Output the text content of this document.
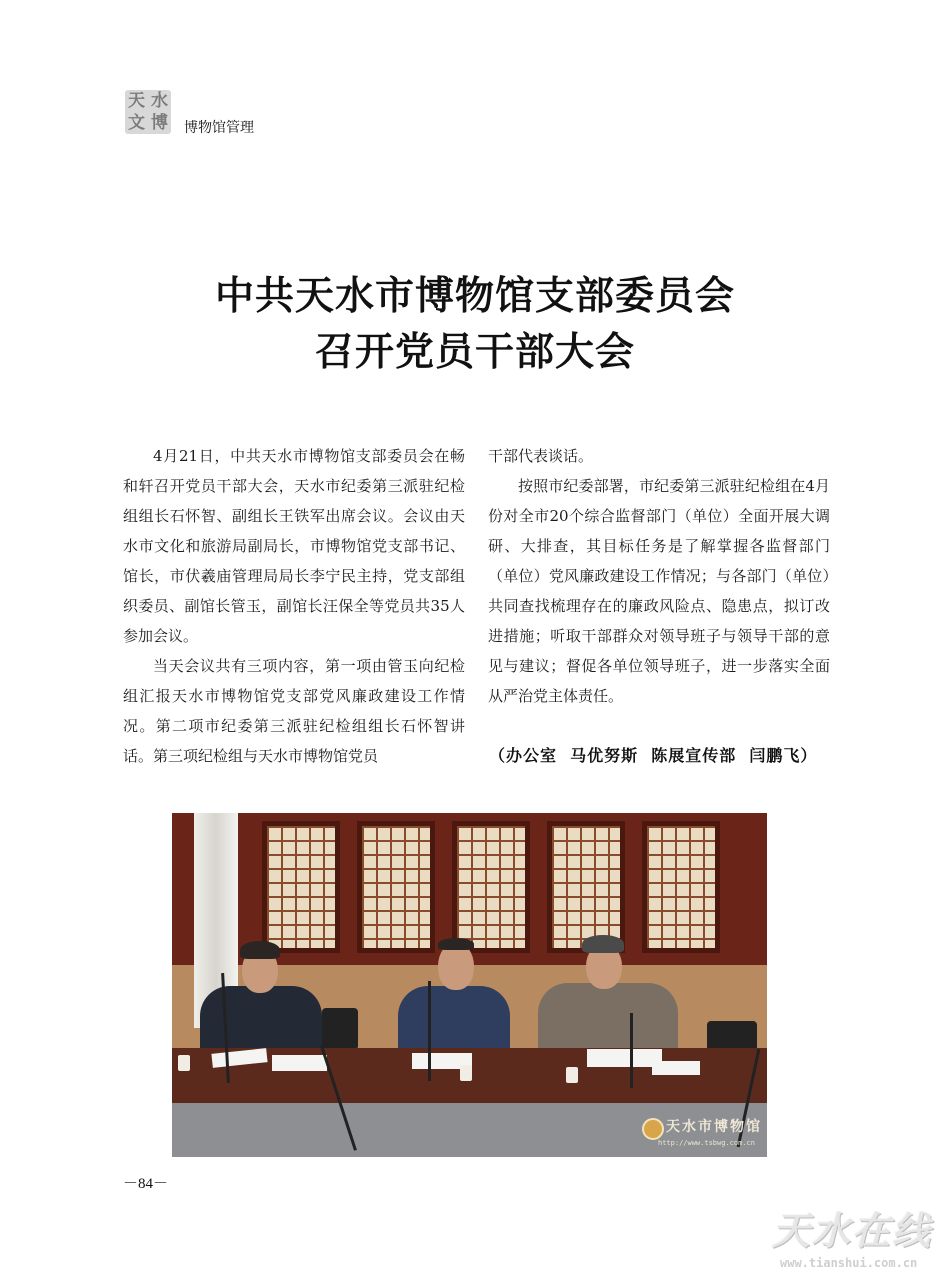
天 水
文 博 博物馆管理
中共天水市博物馆支部委员会
召开党员干部大会

4月21日，中共天水市博物馆支部委员会在畅和轩召开党员干部大会，天水市纪委第三派驻纪检组组长石怀智、副组长王铁军出席会议。会议由天水市文化和旅游局副局长，市博物馆党支部书记、馆长，市伏羲庙管理局局长李宁民主持，党支部组织委员、副馆长管玉，副馆长汪保全等党员共35人参加会议。

当天会议共有三项内容，第一项由管玉向纪检组汇报天水市博物馆党支部党风廉政建设工作情况。第二项市纪委第三派驻纪检组组长石怀智讲话。第三项纪检组与天水市博物馆党员

干部代表谈话。

按照市纪委部署，市纪委第三派驻纪检组在4月份对全市20个综合监督部门（单位）全面开展大调研、大排查，其目标任务是了解掌握各监督部门（单位）党风廉政建设工作情况；与各部门（单位）共同查找梳理存在的廉政风险点、隐患点，拟订改进措施；听取干部群众对领导班子与领导干部的意见与建议；督促各单位领导班子，进一步落实全面从严治党主体责任。

（办公室  马优努斯  陈展宣传部  闫鹏飞）
天水市博物馆
http://www.tsbwg.com.cn
－84－
天水在线
www.tianshui.com.cn
